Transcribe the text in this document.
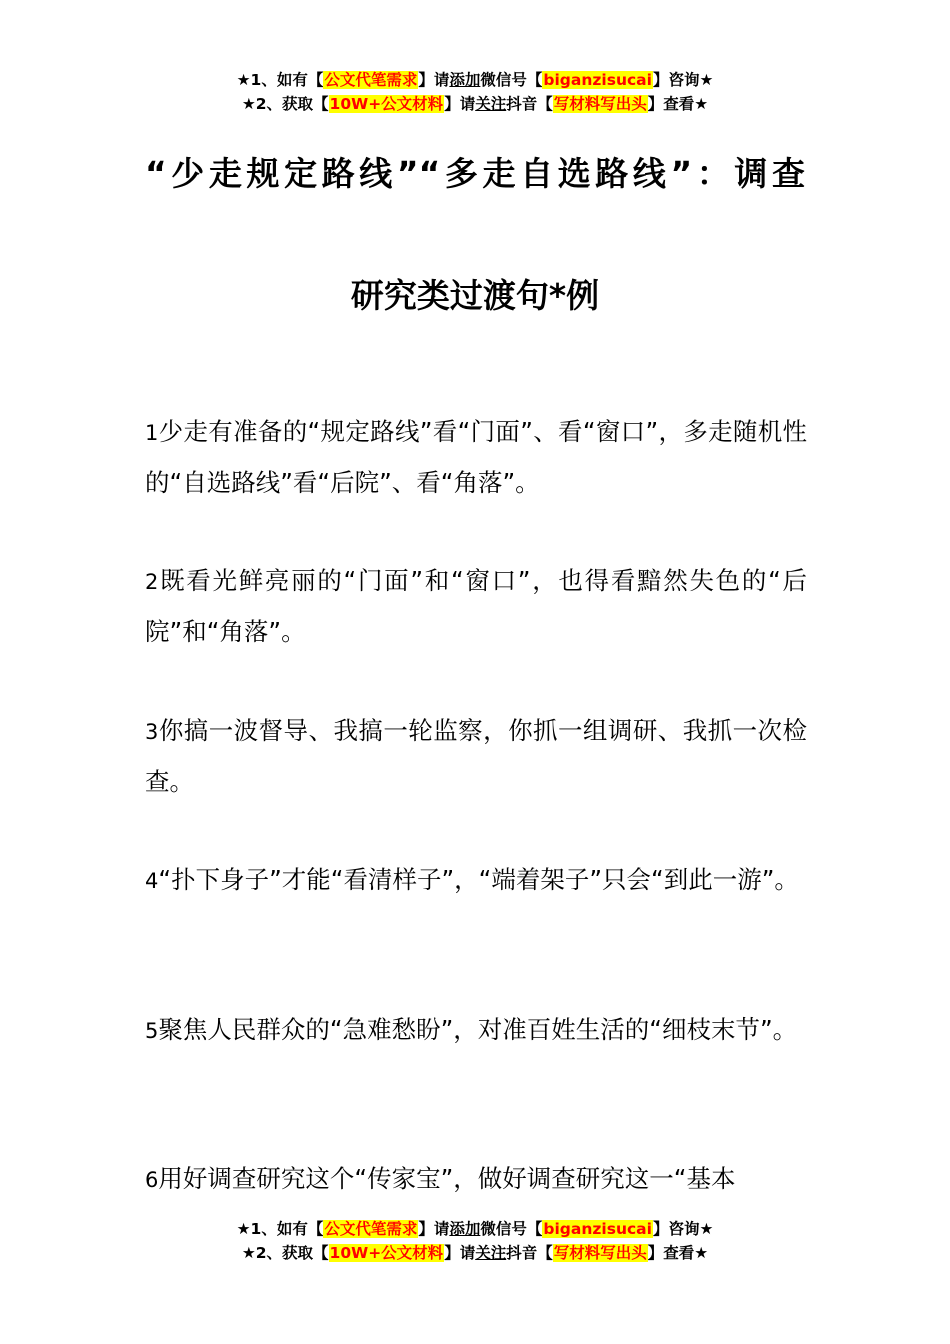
★1、如有【公文代笔需求】请添加微信号【biganzisucai】咨询★
★2、获取【10W+公文材料】请关注抖音【写材料写出头】查看★
“少走规定路线”“多走自选路线”：调查
研究类过渡句*例

1少走有准备的“规定路线”看“门面”、看“窗口”，多走随机性的“自选路线”看“后院”、看“角落”。

2既看光鲜亮丽的“门面”和“窗口”，也得看黯然失色的“后院”和“角落”。

3你搞一波督导、我搞一轮监察，你抓一组调研、我抓一次检查。

4“扑下身子”才能“看清样子”，“端着架子”只会“到此一游”。

5聚焦人民群众的“急难愁盼”，对准百姓生活的“细枝末节”。

6用好调查研究这个“传家宝”，做好调查研究这一“基本

★1、如有【公文代笔需求】请添加微信号【biganzisucai】咨询★
★2、获取【10W+公文材料】请关注抖音【写材料写出头】查看★
